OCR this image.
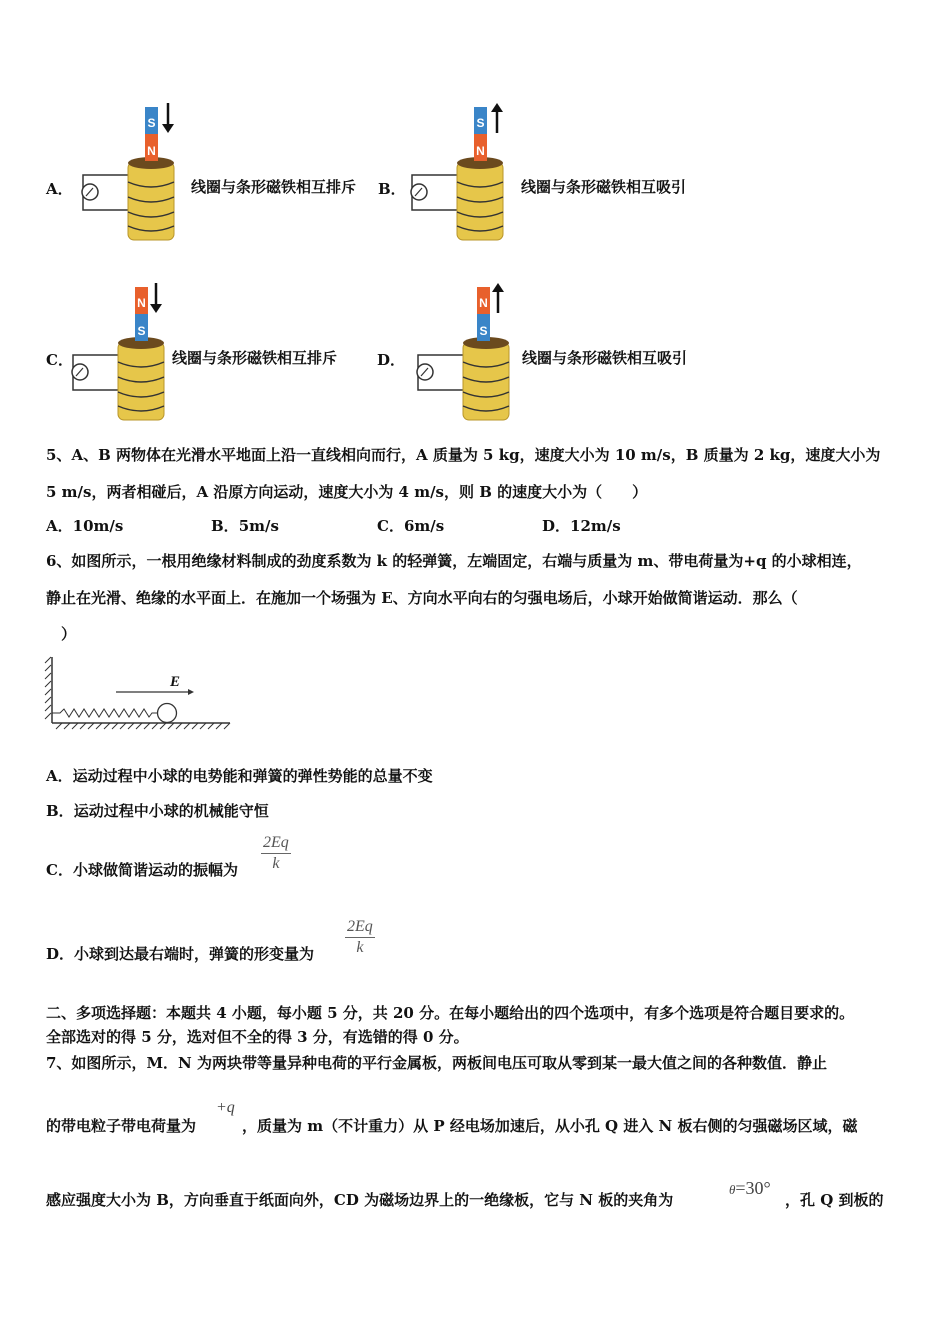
A．
S
N
线圈与条形磁铁相互排斥 B．
S
N
线圈与条形磁铁相互吸引
C．
N
S
线圈与条形磁铁相互排斥	D．
N
S
线圈与条形磁铁相互吸引
5、A、B 两物体在光滑水平地面上沿一直线相向而行，A 质量为 5 kg，速度大小为 10 m/s，B 质量为 2 kg，速度大小为
5 m/s，两者相碰后，A 沿原方向运动，速度大小为 4 m/s，则 B 的速度大小为（　　）
A．10m/s	B．5m/s	C．6m/s	D．12m/s
6、如图所示，一根用绝缘材料制成的劲度系数为 k 的轻弹簧，左端固定，右端与质量为 m、带电荷量为+q 的小球相连，
静止在光滑、绝缘的水平面上．在施加一个场强为 E、方向水平向右的匀强电场后，小球开始做简谐运动．那么（
　）
E
A．运动过程中小球的电势能和弹簧的弹性势能的总量不变
B．运动过程中小球的机械能守恒
C．小球做简谐运动的振幅为 $\frac{2Eq}{k}$
D．小球到达最右端时，弹簧的形变量为 $\frac{2Eq}{k}$
二、多项选择题：本题共 4 小题，每小题 5 分，共 20 分。在每小题给出的四个选项中，有多个选项是符合题目要求的。
全部选对的得 5 分，选对但不全的得 3 分，有选错的得 0 分。
7、如图所示，M．N 为两块带等量异种电荷的平行金属板，两板间电压可取从零到某一最大值之间的各种数值．静止
的带电粒子带电荷量为
+q
，质量为 m（不计重力）从 P 经电场加速后，从小孔 Q 进入 N 板右侧的匀强磁场区域，磁
感应强度大小为 B，方向垂直于纸面向外，CD 为磁场边界上的一绝缘板，它与 N 板的夹角为
θ=30°
，孔 Q 到板的
